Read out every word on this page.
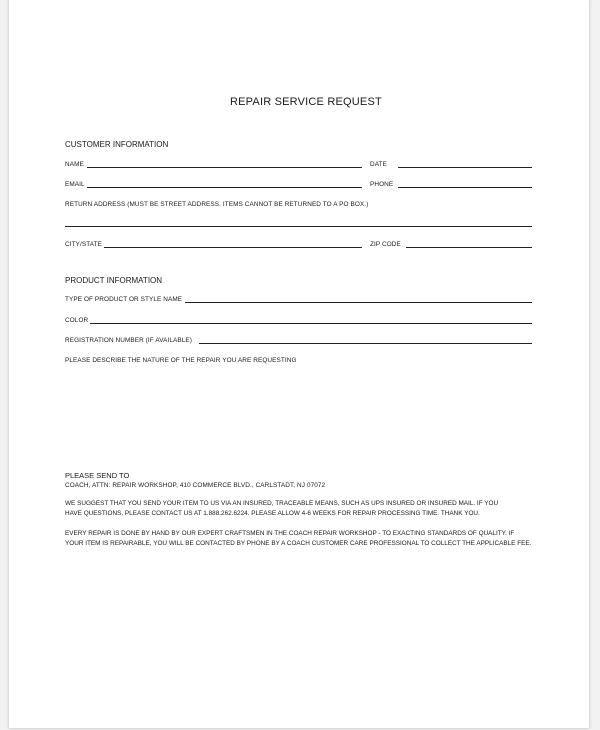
REPAIR SERVICE REQUEST
CUSTOMER INFORMATION
NAME	DATE
EMAIL	PHONE
RETURN ADDRESS (MUST BE STREET ADDRESS. ITEMS CANNOT BE RETURNED TO A PO BOX.)
CITY/STATE	ZIP CODE
PRODUCT INFORMATION
TYPE OF PRODUCT OR STYLE NAME
COLOR
REGISTRATION NUMBER (IF AVAILABLE)
PLEASE DESCRIBE THE NATURE OF THE REPAIR YOU ARE REQUESTING
PLEASE SEND TO
COACH, ATTN: REPAIR WORKSHOP, 410 COMMERCE BLVD., CARLSTADT, NJ 07072
WE SUGGEST THAT YOU SEND YOUR ITEM TO US VIA AN INSURED, TRACEABLE MEANS, SUCH AS UPS INSURED OR INSURED MAIL. IF YOU
HAVE QUESTIONS, PLEASE CONTACT US AT 1.888.262.6224. PLEASE ALLOW 4-6 WEEKS FOR REPAIR PROCESSING TIME. THANK YOU.
EVERY REPAIR IS DONE BY HAND BY OUR EXPERT CRAFTSMEN IN THE COACH REPAIR WORKSHOP - TO EXACTING STANDARDS OF QUALITY. IF
YOUR ITEM IS REPAIRABLE, YOU WILL BE CONTACTED BY PHONE BY A COACH CUSTOMER CARE PROFESSIONAL TO COLLECT THE APPLICABLE FEE.
